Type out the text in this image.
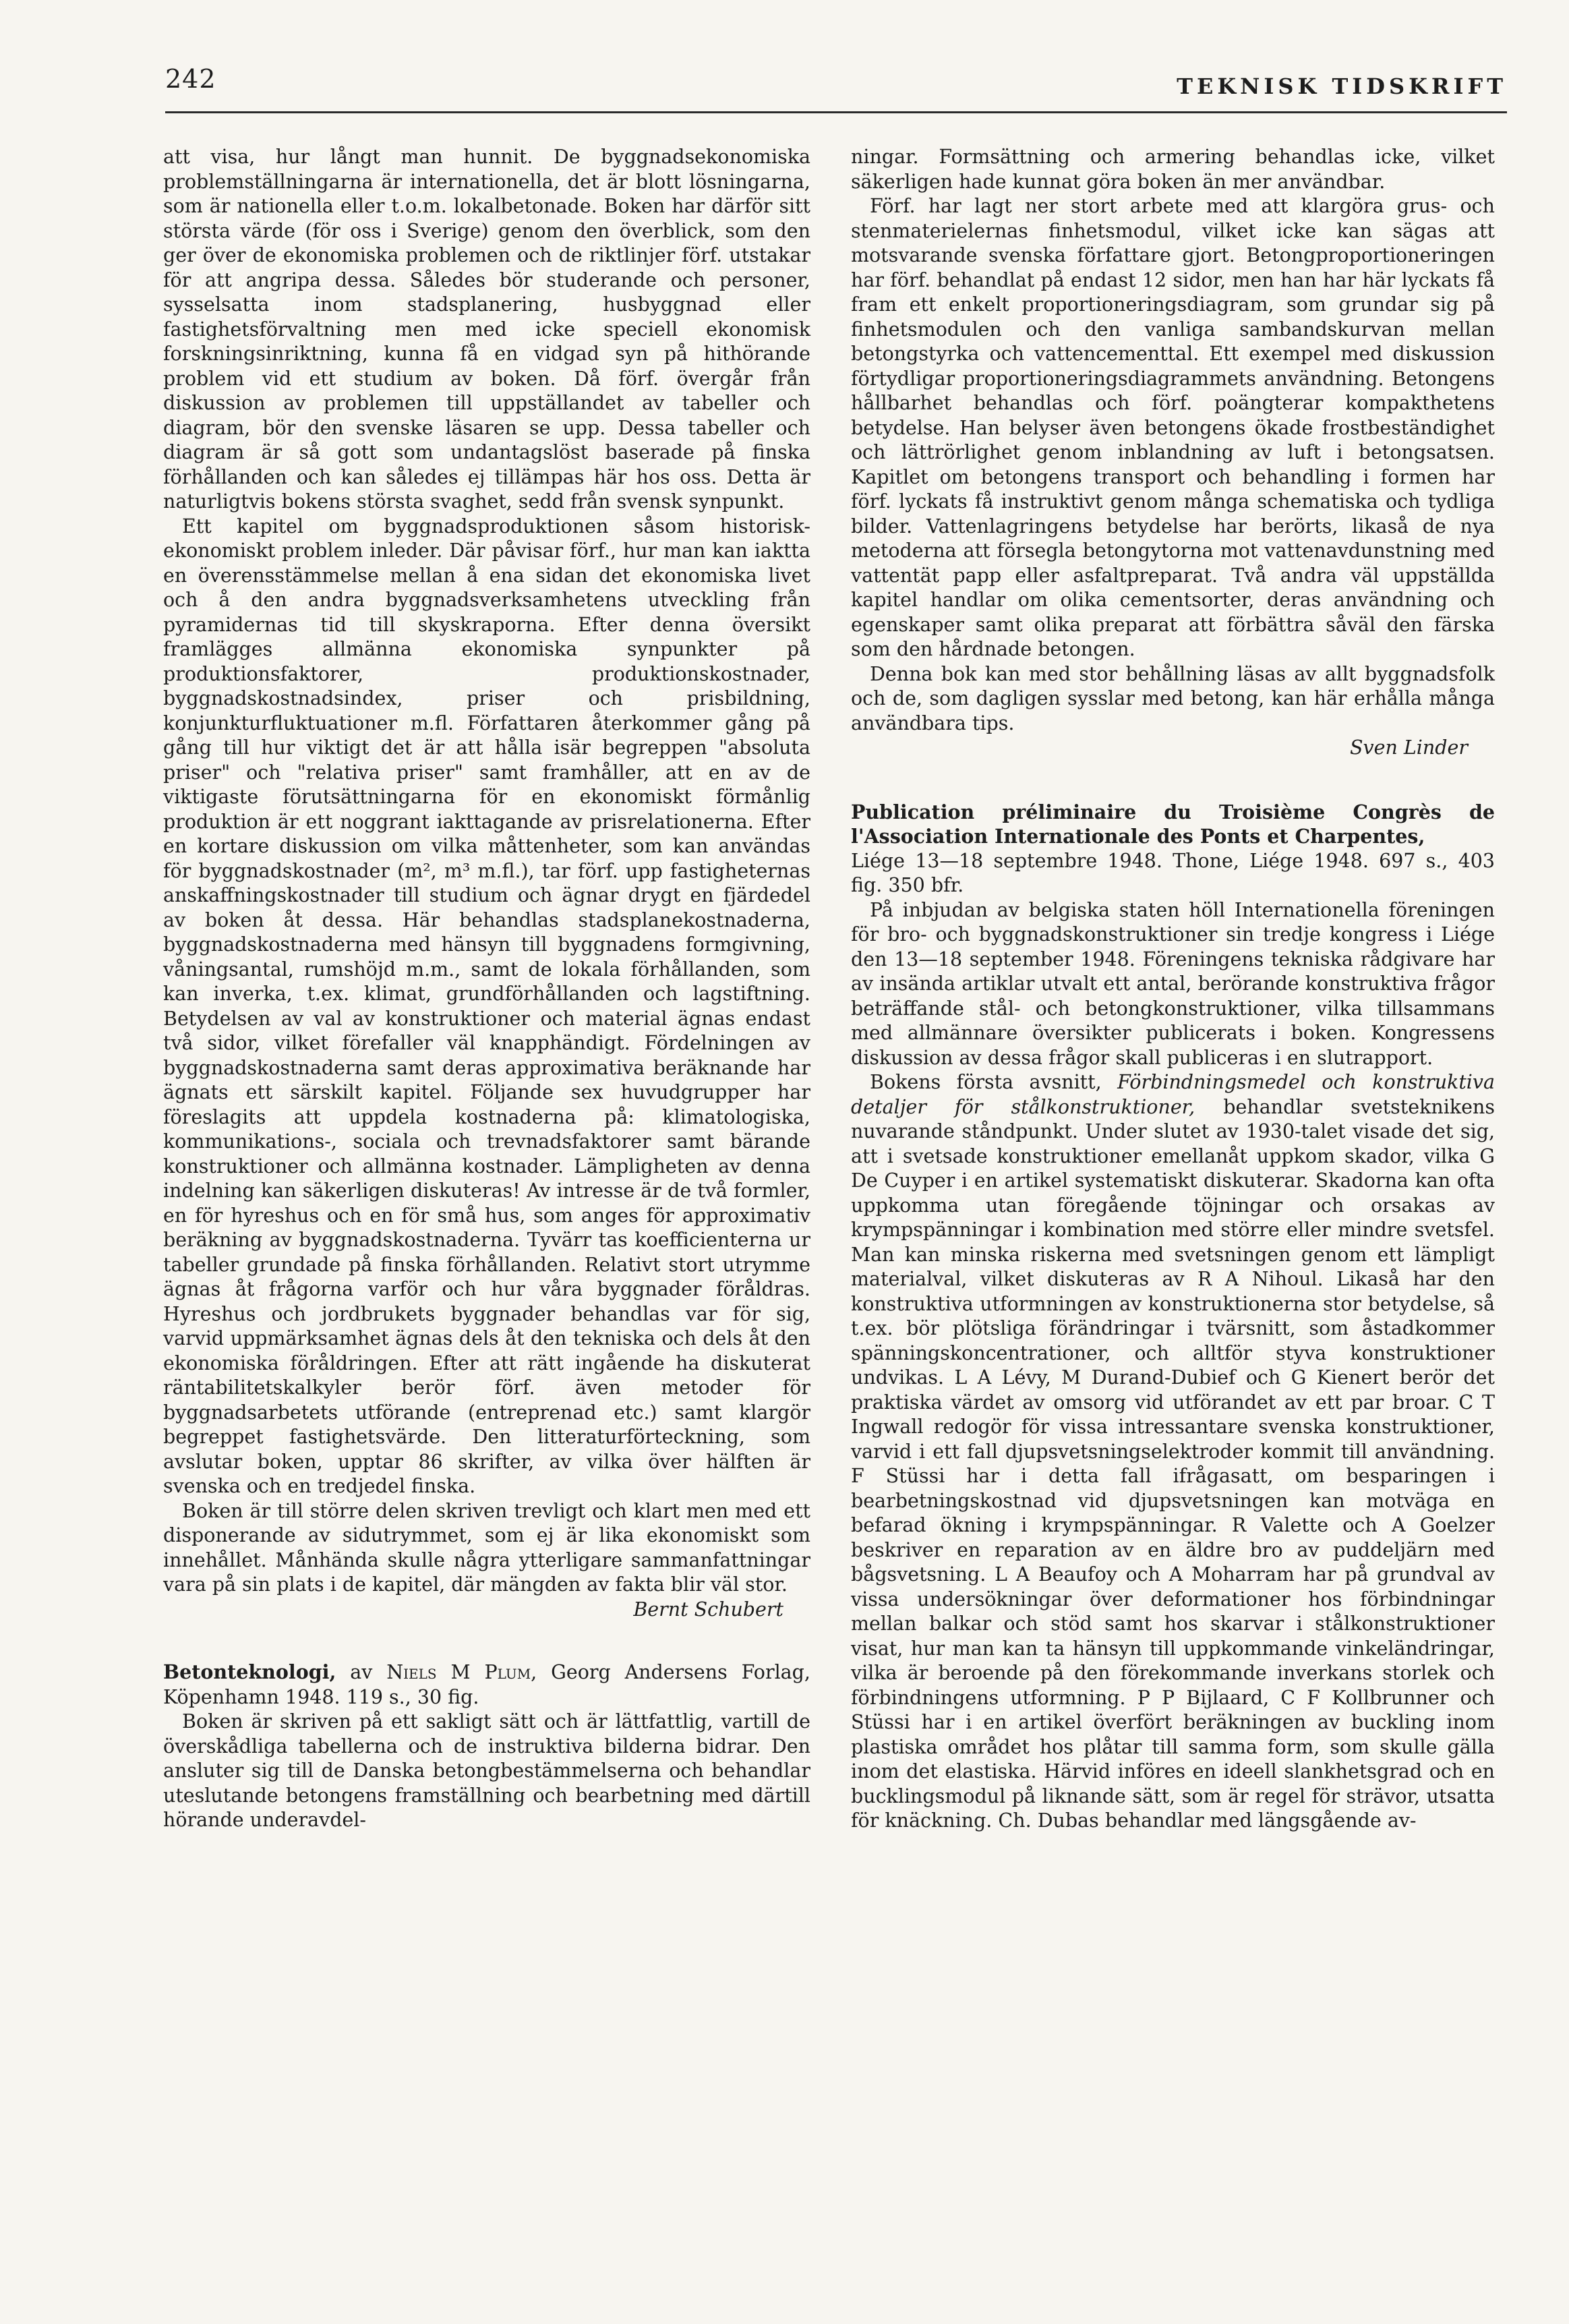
242	TEKNISK TIDSKRIFT

att visa, hur långt man hunnit. De byggnadsekonomiska problemställningarna är internationella, det är blott lösningarna, som är nationella eller t.o.m. lokalbetonade. Boken har därför sitt största värde (för oss i Sverige) genom den överblick, som den ger över de ekonomiska problemen och de riktlinjer förf. utstakar för att angripa dessa. Således bör studerande och personer, sysselsatta inom stadsplanering, husbyggnad eller fastighetsförvaltning men med icke speciell ekonomisk forskningsinriktning, kunna få en vidgad syn på hithörande problem vid ett studium av boken. Då förf. övergår från diskussion av problemen till uppställandet av tabeller och diagram, bör den svenske läsaren se upp. Dessa tabeller och diagram är så gott som undantagslöst baserade på finska förhållanden och kan således ej tillämpas här hos oss. Detta är naturligtvis bokens största svaghet, sedd från svensk synpunkt.

Ett kapitel om byggnadsproduktionen såsom historisk-ekonomiskt problem inleder. Där påvisar förf., hur man kan iaktta en överensstämmelse mellan å ena sidan det ekonomiska livet och å den andra byggnadsverksamhetens utveckling från pyramidernas tid till skyskraporna. Efter denna översikt framlägges allmänna ekonomiska synpunkter på produktionsfaktorer, produktionskostnader, byggnadskostnadsindex, priser och prisbildning, konjunkturfluktuationer m.fl. Författaren återkommer gång på gång till hur viktigt det är att hålla isär begreppen "absoluta priser" och "relativa priser" samt framhåller, att en av de viktigaste förutsättningarna för en ekonomiskt förmånlig produktion är ett noggrant iakttagande av prisrelationerna. Efter en kortare diskussion om vilka måttenheter, som kan användas för byggnadskostnader (m², m³ m.fl.), tar förf. upp fastigheternas anskaffningskostnader till studium och ägnar drygt en fjärdedel av boken åt dessa. Här behandlas stadsplanekostnaderna, byggnadskostnaderna med hänsyn till byggnadens formgivning, våningsantal, rumshöjd m.m., samt de lokala förhållanden, som kan inverka, t.ex. klimat, grundförhållanden och lagstiftning. Betydelsen av val av konstruktioner och material ägnas endast två sidor, vilket förefaller väl knapphändigt. Fördelningen av byggnadskostnaderna samt deras approximativa beräknande har ägnats ett särskilt kapitel. Följande sex huvudgrupper har föreslagits att uppdela kostnaderna på: klimatologiska, kommunikations-, sociala och trevnadsfaktorer samt bärande konstruktioner och allmänna kostnader. Lämpligheten av denna indelning kan säkerligen diskuteras! Av intresse är de två formler, en för hyreshus och en för små hus, som anges för approximativ beräkning av byggnadskostnaderna. Tyvärr tas koefficienterna ur tabeller grundade på finska förhållanden. Relativt stort utrymme ägnas åt frågorna varför och hur våra byggnader föråldras. Hyreshus och jordbrukets byggnader behandlas var för sig, varvid uppmärksamhet ägnas dels åt den tekniska och dels åt den ekonomiska föråldringen. Efter att rätt ingående ha diskuterat räntabilitetskalkyler berör förf. även metoder för byggnadsarbetets utförande (entreprenad etc.) samt klargör begreppet fastighetsvärde. Den litteraturförteckning, som avslutar boken, upptar 86 skrifter, av vilka över hälften är svenska och en tredjedel finska.

Boken är till större delen skriven trevligt och klart men med ett disponerande av sidutrymmet, som ej är lika ekonomiskt som innehållet. Månhända skulle några ytterligare sammanfattningar vara på sin plats i de kapitel, där mängden av fakta blir väl stor.

Bernt Schubert

Betonteknologi, av Niels M Plum, Georg Andersens Forlag, Köpenhamn 1948. 119 s., 30 fig.

Boken är skriven på ett sakligt sätt och är lättfattlig, vartill de överskådliga tabellerna och de instruktiva bilderna bidrar. Den ansluter sig till de Danska betongbestämmelserna och behandlar uteslutande betongens framställning och bearbetning med därtill hörande underavdel-

ningar. Formsättning och armering behandlas icke, vilket säkerligen hade kunnat göra boken än mer användbar.

Förf. har lagt ner stort arbete med att klargöra grus- och stenmaterielernas finhetsmodul, vilket icke kan sägas att motsvarande svenska författare gjort. Betongproportioneringen har förf. behandlat på endast 12 sidor, men han har här lyckats få fram ett enkelt proportioneringsdiagram, som grundar sig på finhetsmodulen och den vanliga sambandskurvan mellan betongstyrka och vattencementtal. Ett exempel med diskussion förtydligar proportioneringsdiagrammets användning. Betongens hållbarhet behandlas och förf. poängterar kompakthetens betydelse. Han belyser även betongens ökade frostbeständighet och lättrörlighet genom inblandning av luft i betongsatsen. Kapitlet om betongens transport och behandling i formen har förf. lyckats få instruktivt genom många schematiska och tydliga bilder. Vattenlagringens betydelse har berörts, likaså de nya metoderna att försegla betongytorna mot vattenavdunstning med vattentät papp eller asfaltpreparat. Två andra väl uppställda kapitel handlar om olika cementsorter, deras användning och egenskaper samt olika preparat att förbättra såväl den färska som den hårdnade betongen.

Denna bok kan med stor behållning läsas av allt byggnadsfolk och de, som dagligen sysslar med betong, kan här erhålla många användbara tips.

Sven Linder

Publication préliminaire du Troisième Congrès de l'Association Internationale des Ponts et Charpentes,

Liége 13—18 septembre 1948. Thone, Liége 1948. 697 s., 403 fig. 350 bfr.

På inbjudan av belgiska staten höll Internationella föreningen för bro- och byggnadskonstruktioner sin tredje kongress i Liége den 13—18 september 1948. Föreningens tekniska rådgivare har av insända artiklar utvalt ett antal, berörande konstruktiva frågor beträffande stål- och betongkonstruktioner, vilka tillsammans med allmännare översikter publicerats i boken. Kongressens diskussion av dessa frågor skall publiceras i en slutrapport.

Bokens första avsnitt, Förbindningsmedel och konstruktiva detaljer för stålkonstruktioner, behandlar svetsteknikens nuvarande ståndpunkt. Under slutet av 1930-talet visade det sig, att i svetsade konstruktioner emellanåt uppkom skador, vilka G De Cuyper i en artikel systematiskt diskuterar. Skadorna kan ofta uppkomma utan föregående töjningar och orsakas av krympspänningar i kombination med större eller mindre svetsfel. Man kan minska riskerna med svetsningen genom ett lämpligt materialval, vilket diskuteras av R A Nihoul. Likaså har den konstruktiva utformningen av konstruktionerna stor betydelse, så t.ex. bör plötsliga förändringar i tvärsnitt, som åstadkommer spänningskoncentrationer, och alltför styva konstruktioner undvikas. L A Lévy, M Durand-Dubief och G Kienert berör det praktiska värdet av omsorg vid utförandet av ett par broar. C T Ingwall redogör för vissa intressantare svenska konstruktioner, varvid i ett fall djupsvetsningselektroder kommit till användning. F Stüssi har i detta fall ifrågasatt, om besparingen i bearbetningskostnad vid djupsvetsningen kan motväga en befarad ökning i krympspänningar. R Valette och A Goelzer beskriver en reparation av en äldre bro av puddeljärn med bågsvetsning. L A Beaufoy och A Moharram har på grundval av vissa undersökningar över deformationer hos förbindningar mellan balkar och stöd samt hos skarvar i stålkonstruktioner visat, hur man kan ta hänsyn till uppkommande vinkeländringar, vilka är beroende på den förekommande inverkans storlek och förbindningens utformning. P P Bijlaard, C F Kollbrunner och Stüssi har i en artikel överfört beräkningen av buckling inom plastiska området hos plåtar till samma form, som skulle gälla inom det elastiska. Härvid införes en ideell slankhetsgrad och en bucklingsmodul på liknande sätt, som är regel för strävor, utsatta för knäckning. Ch. Dubas behandlar med längsgående av-
